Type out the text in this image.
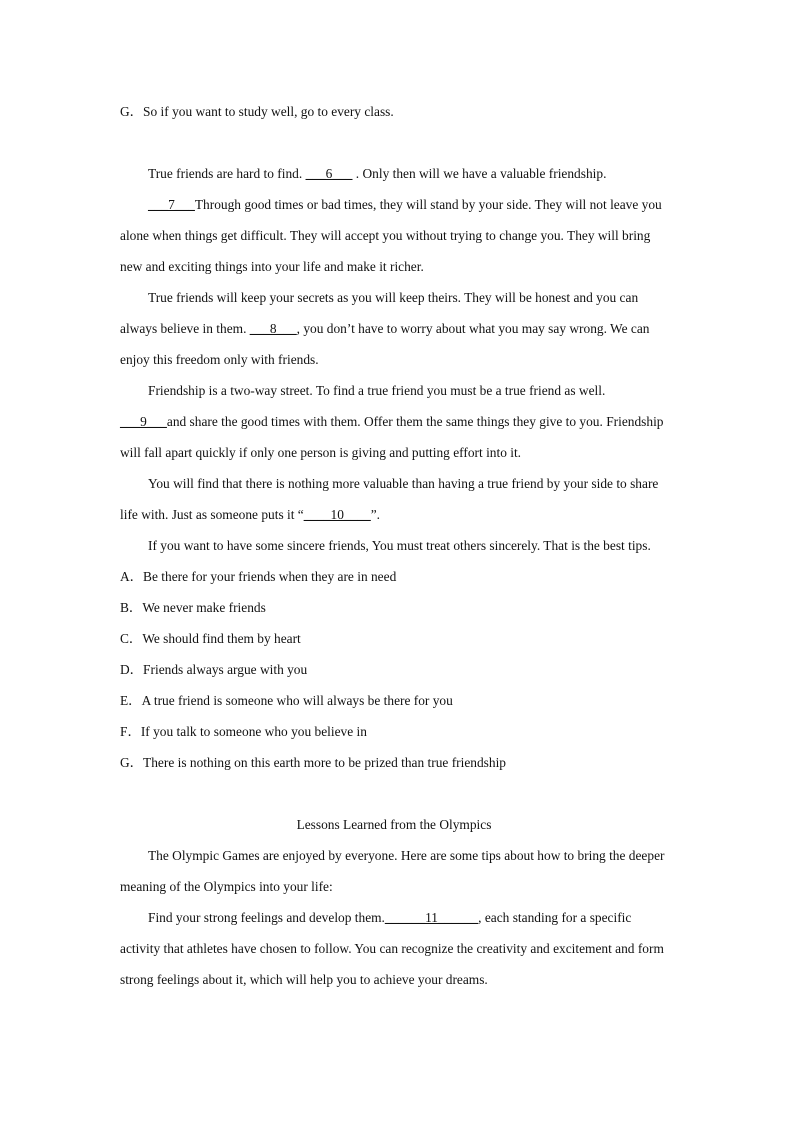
G．So if you want to study well, go to every class.

True friends are hard to find. ___6___ . Only then will we have a valuable friendship.

___7___Through good times or bad times, they will stand by your side. They will not leave you alone when things get difficult. They will accept you without trying to change you. They will bring new and exciting things into your life and make it richer.

True friends will keep your secrets as you will keep theirs. They will be honest and you can always believe in them. ___8___, you don’t have to worry about what you may say wrong. We can enjoy this freedom only with friends.

Friendship is a two-way street. To find a true friend you must be a true friend as well. ___9___and share the good times with them. Offer them the same things they give to you. Friendship will fall apart quickly if only one person is giving and putting effort into it.

You will find that there is nothing more valuable than having a true friend by your side to share life with. Just as someone puts it “____10____”.

If you want to have some sincere friends, You must treat others sincerely. That is the best tips.

A．Be there for your friends when they are in need

B．We never make friends

C．We should find them by heart

D．Friends always argue with you

E．A true friend is someone who will always be there for you

F．If you talk to someone who you believe in

G．There is nothing on this earth more to be prized than true friendship

Lessons Learned from the Olympics

The Olympic Games are enjoyed by everyone. Here are some tips about how to bring the deeper meaning of the Olympics into your life:

Find your strong feelings and develop them.______11______, each standing for a specific activity that athletes have chosen to follow. You can recognize the creativity and excitement and form strong feelings about it, which will help you to achieve your dreams.
